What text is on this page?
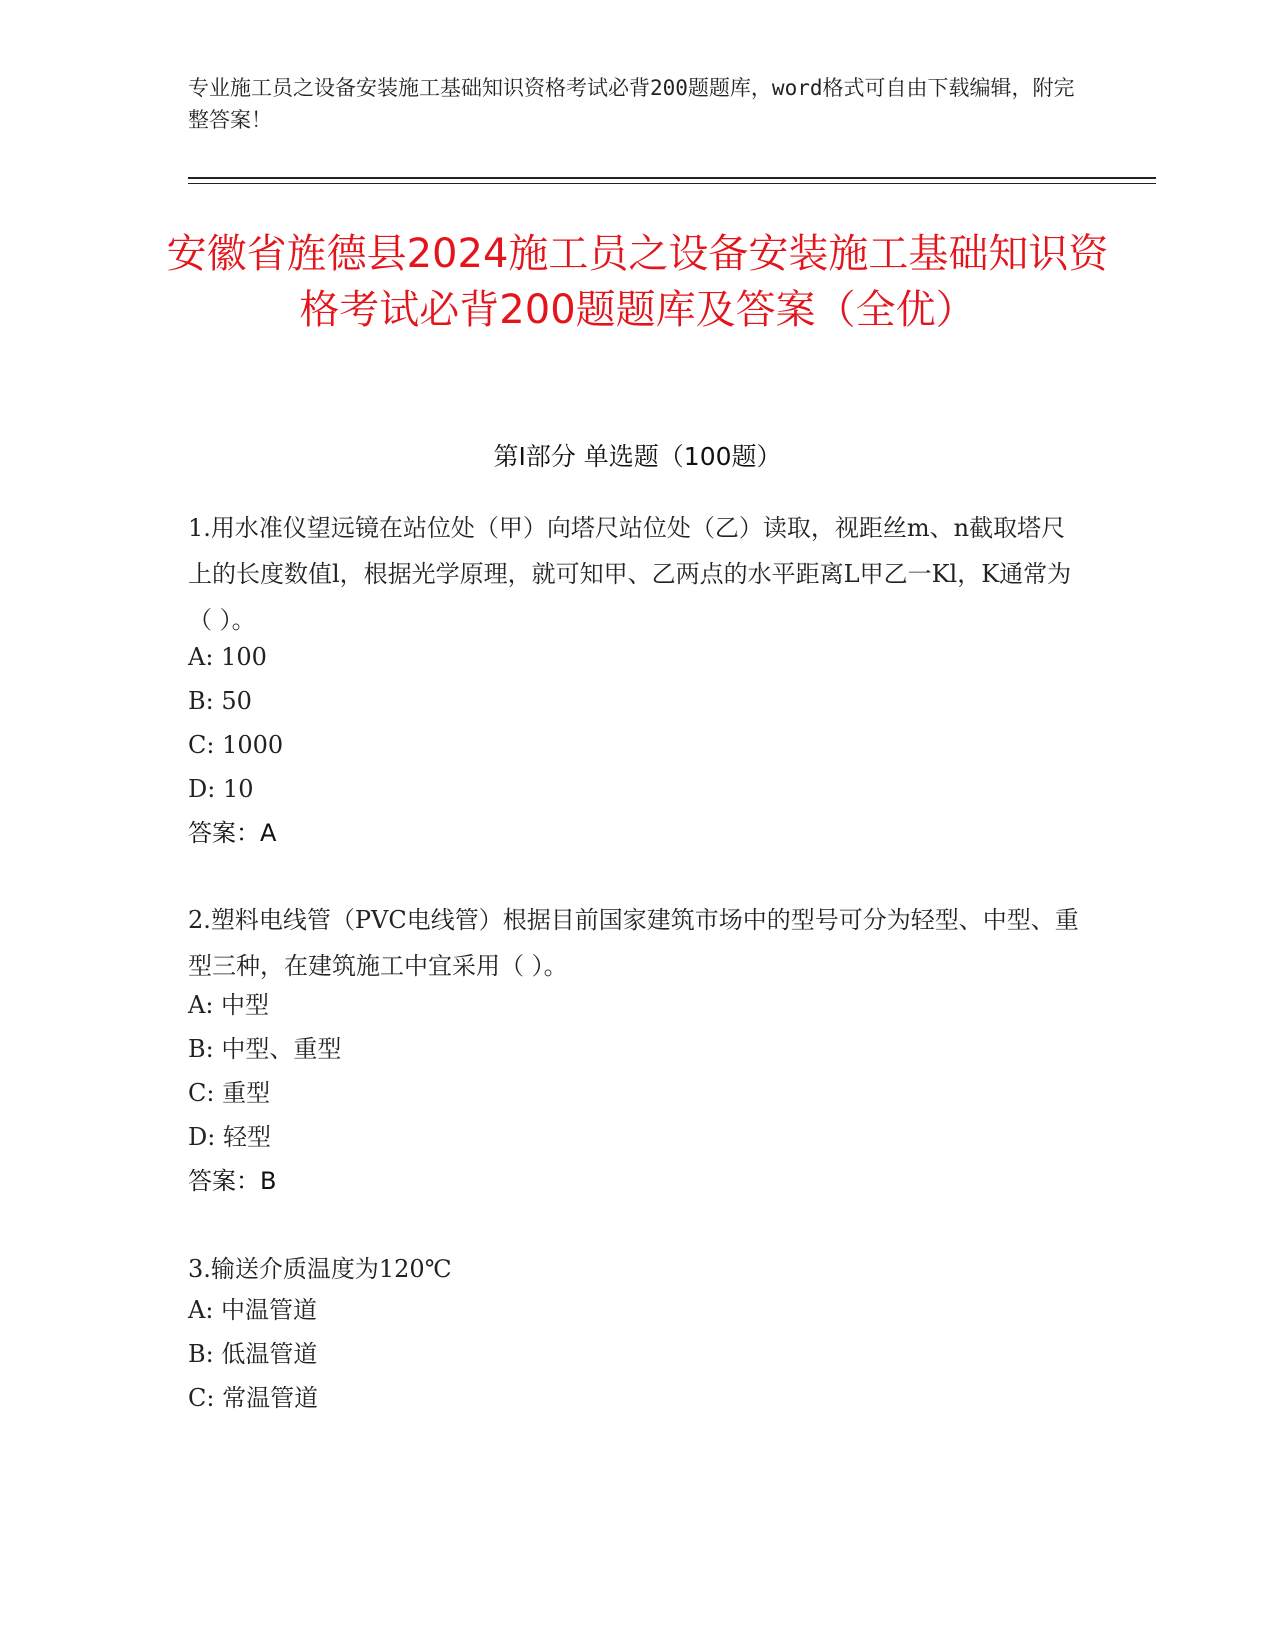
专业施工员之设备安装施工基础知识资格考试必背200题题库，word格式可自由下载编辑，附完整答案！
安徽省旌德县2024施工员之设备安装施工基础知识资格考试必背200题题库及答案（全优）
第Ⅰ部分 单选题（100题）
1.用水准仪望远镜在站位处（甲）向塔尺站位处（乙）读取，视距丝m、n截取塔尺上的长度数值l，根据光学原理，就可知甲、乙两点的水平距离L甲乙一Kl，K通常为（ ）。
A: 100
B: 50
C: 1000
D: 10
答案：A
2.塑料电线管（PVC电线管）根据目前国家建筑市场中的型号可分为轻型、中型、重型三种，在建筑施工中宜采用（ ）。
A: 中型
B: 中型、重型
C: 重型
D: 轻型
答案：B
3.输送介质温度为120℃
A: 中温管道
B: 低温管道
C: 常温管道
